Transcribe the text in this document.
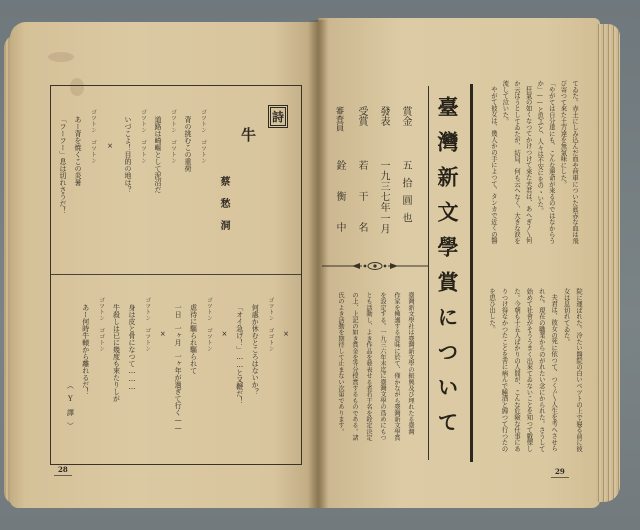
詩
牛
蔡愁洞
ゴツトン　ゴツトン
背の挑むこの重荷
ゴツトン　ゴツトン
道路は崎嶇として泥沼だ
ゴツトン　ゴツトン
いづこよ！目的の地は？
×
ゴツトン　ゴツトン
あー背を焼くこの炎暑
「フーフー」息は切れさうだ！
×
ゴツトン　ゴゴトン
何處か休むところはないか？
「オイ急げ！」……と又鞭だ！
×
ゴツトン　ゴツトン
虐待に驅られ驅られて
一日　一ヶ月　一ヶ年が過ぎて行く——
×
ゴツトン　ゴツトン
身は皮と骨になつて………
牛殺しは已に幾度も來たりしが
ゴツトン　ゴゴトン
あー何時牛轅から離れるだ！
（Y譯）
28
てゐた。赤土にしみ込んだ血や荷車についた眞赤な血は飛
び寄つて來た土方達を無氣味にした。
「やがては自分達にも、こんな運命が來るのではなからう
か」——と思ふと、人々は不安にをのゝいた。
狂氣の如くなつてかけつけて來た夫君は、あへぎ〳〵何
か云はうとしてゐたが、結局、何も云へなく、大きな涙を
流して泣いた。
やがて彼女は、幾人かの手によつて、タンカで近くの醫
院に運ばれた。冷たい醫院の白いベツトの上で寢る前に彼
女は息切れてゐた。
夫君は、彼女の死に依つて、つく〴〵人生を考へさせら
れた。現在の職業からのがれたい念にかられた。さうして
始めて社會がそううまく出來てゐないことを知つて戰慄し
た。今朝も十五人ばかりの人間が、こんな危險な仕事にあ
りつけ得なかつたことを苦に病んで睡酒と歸つて行つたの
を思ひ出した。
臺灣新文學賞について
賞金五拾圓也
發表一九三七年一月
受賞若干名
審査員銓衡中
臺灣新文學社は臺灣新文學の振興及び埋れたる臺灣
作家を擁護する意味に於て、僅かながら臺灣新文學賞
を設定する。一九三六年末迄に臺灣文學の爲めにもつ
とも活動し、よき作品を發表せる者若干名を銓定決定
の上、上記の如き賞金を等分授賞するものである。諸
氏のよき活動を期待して止まない次第であります。
29
